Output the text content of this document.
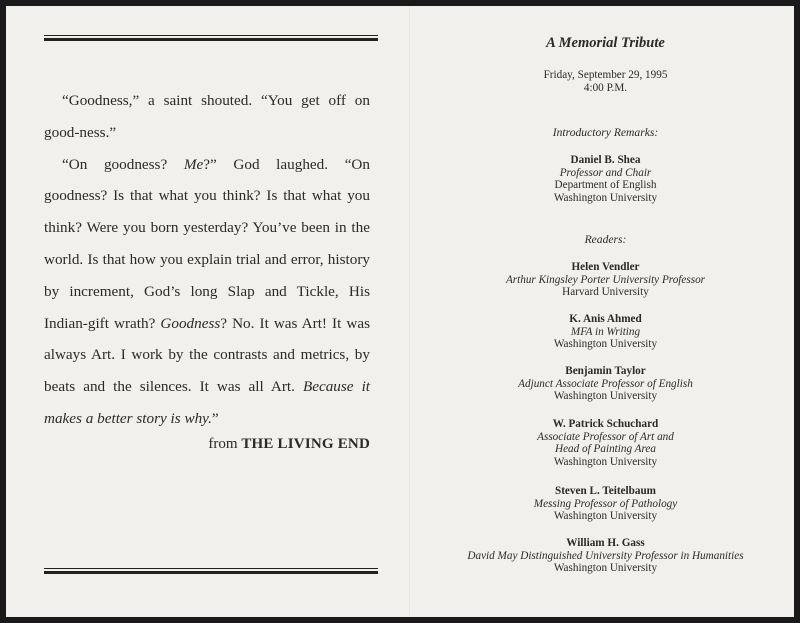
“Goodness,” a saint shouted. “You get off on good-ness.”

“On goodness? Me?” God laughed. “On goodness? Is that what you think? Is that what you think? Were you born yesterday? You’ve been in the world. Is that how you explain trial and error, history by increment, God’s long Slap and Tickle, His Indian-gift wrath? Goodness? No. It was Art! It was always Art. I work by the contrasts and metrics, by beats and the silences. It was all Art. Because it makes a better story is why.”

from THE LIVING END
A Memorial Tribute
Friday, September 29, 1995
4:00 P.M.
Introductory Remarks:
Daniel B. Shea
Professor and Chair
Department of English
Washington University
Readers:
Helen Vendler
Arthur Kingsley Porter University Professor
Harvard University
K. Anis Ahmed
MFA in Writing
Washington University
Benjamin Taylor
Adjunct Associate Professor of English
Washington University
W. Patrick Schuchard
Associate Professor of Art and
Head of Painting Area
Washington University
Steven L. Teitelbaum
Messing Professor of Pathology
Washington University
William H. Gass
David May Distinguished University Professor in Humanities
Washington University
